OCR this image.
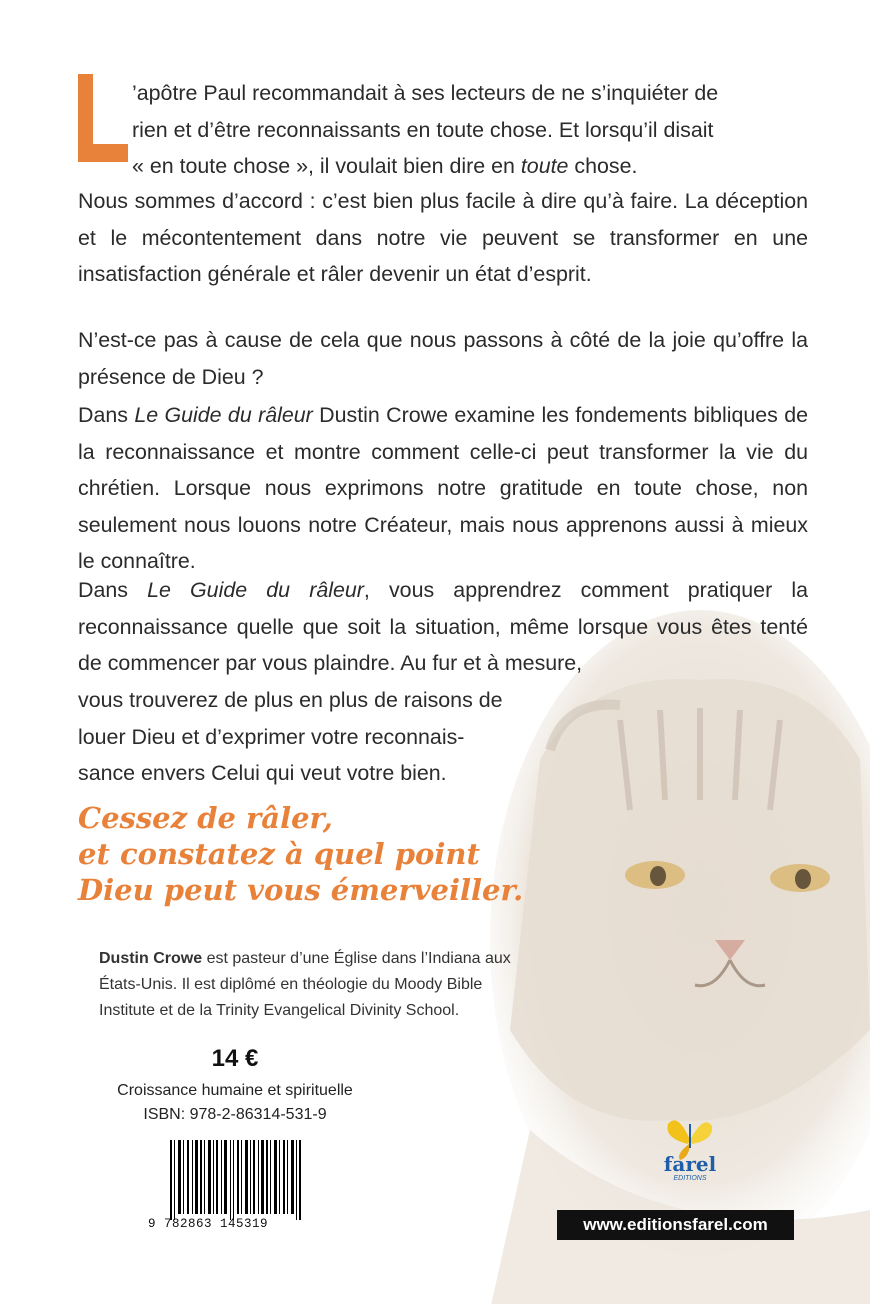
’apôtre Paul recommandait à ses lecteurs de ne s’inquiéter de
rien et d’être reconnaissants en toute chose. Et lorsqu’il disait
« en toute chose », il voulait bien dire en toute chose.

Nous sommes d’accord : c’est bien plus facile à dire qu’à faire. La déception et le mécontentement dans notre vie peuvent se transformer en une insatisfaction générale et râler devenir un état d’esprit.

N’est-ce pas à cause de cela que nous passons à côté de la joie qu’offre la présence de Dieu ?

Dans Le Guide du râleur Dustin Crowe examine les fondements bibliques de la reconnaissance et montre comment celle-ci peut transformer la vie du chrétien. Lorsque nous exprimons notre gratitude en toute chose, non seulement nous louons notre Créateur, mais nous apprenons aussi à mieux le connaître.

Dans Le Guide du râleur, vous apprendrez comment pratiquer la reconnaissance quelle que soit la situation, même lorsque vous êtes tenté de commencer par vous plaindre. Au fur et à mesure,

vous trouverez de plus en plus de raisons de
louer Dieu et d’exprimer votre reconnais-
sance envers Celui qui veut votre bien.
Cessez de râler,
et constatez à quel point
Dieu peut vous émerveiller.
Dustin Crowe est pasteur d’une Église dans l’Indiana aux États-Unis. Il est diplômé en théologie du Moody Bible Institute et de la Trinity Evangelical Divinity School.
14 €
Croissance humaine et spirituelle
ISBN: 978-2-86314-531-9
9 782863 145319
farel
EDITIONS
www.editionsfarel.com
